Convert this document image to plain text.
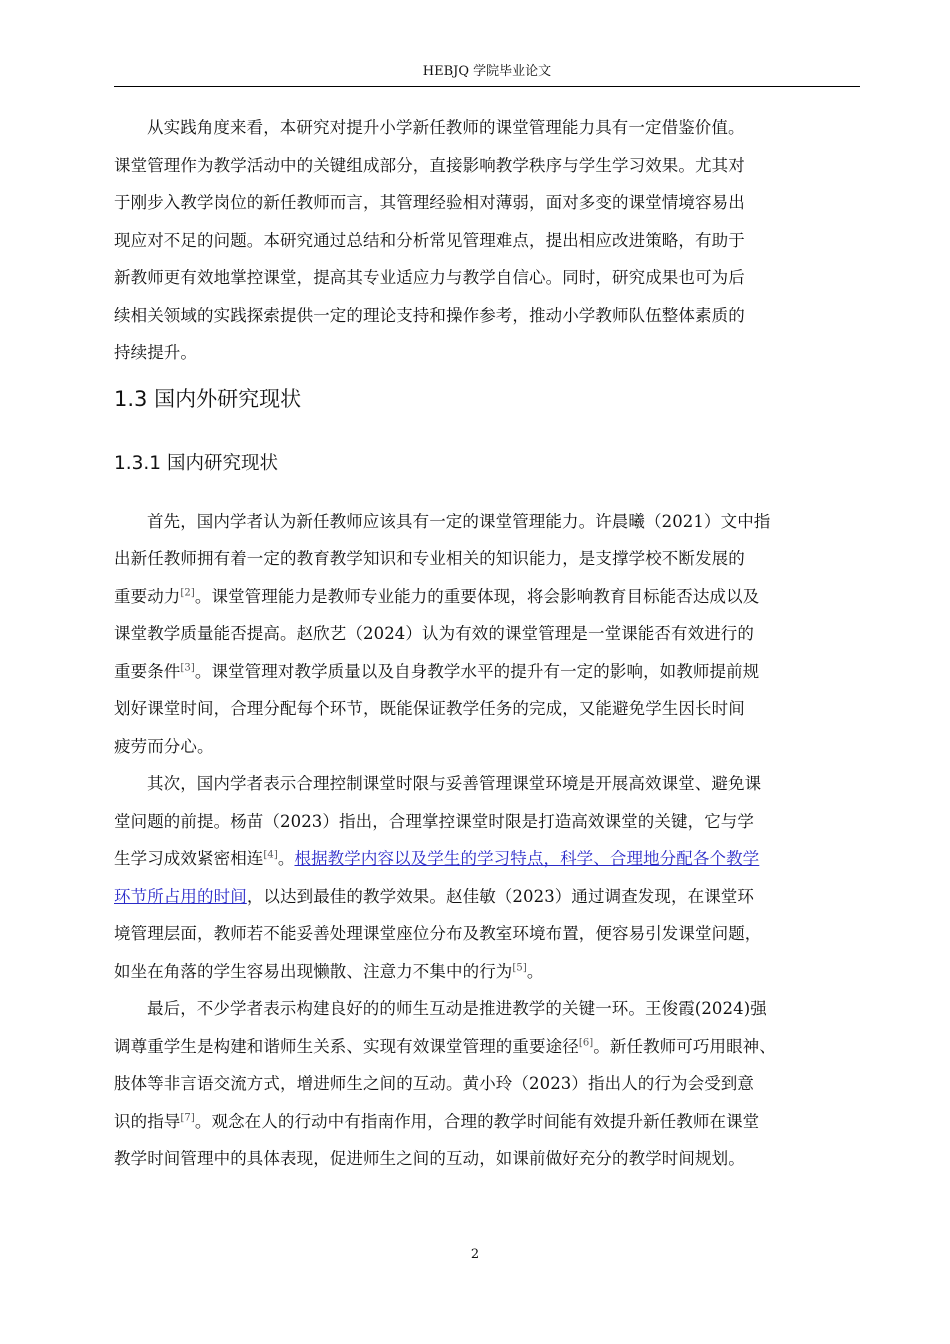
HEBJQ 学院毕业论文

从实践角度来看，本研究对提升小学新任教师的课堂管理能力具有一定借鉴价值。
课堂管理作为教学活动中的关键组成部分，直接影响教学秩序与学生学习效果。尤其对
于刚步入教学岗位的新任教师而言，其管理经验相对薄弱，面对多变的课堂情境容易出
现应对不足的问题。本研究通过总结和分析常见管理难点，提出相应改进策略，有助于
新教师更有效地掌控课堂，提高其专业适应力与教学自信心。同时，研究成果也可为后
续相关领域的实践探索提供一定的理论支持和操作参考，推动小学教师队伍整体素质的
持续提升。

1.3 国内外研究现状
1.3.1 国内研究现状

首先，国内学者认为新任教师应该具有一定的课堂管理能力。许晨曦（2021）文中指
出新任教师拥有着一定的教育教学知识和专业相关的知识能力，是支撑学校不断发展的
重要动力[2]。课堂管理能力是教师专业能力的重要体现，将会影响教育目标能否达成以及
课堂教学质量能否提高。赵欣艺（2024）认为有效的课堂管理是一堂课能否有效进行的
重要条件[3]。课堂管理对教学质量以及自身教学水平的提升有一定的影响，如教师提前规
划好课堂时间，合理分配每个环节，既能保证教学任务的完成，又能避免学生因长时间
疲劳而分心。

其次，国内学者表示合理控制课堂时限与妥善管理课堂环境是开展高效课堂、避免课
堂问题的前提。杨苗（2023）指出，合理掌控课堂时限是打造高效课堂的关键，它与学
生学习成效紧密相连[4]。根据教学内容以及学生的学习特点，科学、合理地分配各个教学
环节所占用的时间，以达到最佳的教学效果。赵佳敏（2023）通过调查发现，在课堂环
境管理层面，教师若不能妥善处理课堂座位分布及教室环境布置，便容易引发课堂问题，
如坐在角落的学生容易出现懒散、注意力不集中的行为[5]。

最后，不少学者表示构建良好的的师生互动是推进教学的关键一环。王俊霞(2024)强
调尊重学生是构建和谐师生关系、实现有效课堂管理的重要途径[6]。新任教师可巧用眼神、
肢体等非言语交流方式，增进师生之间的互动。黄小玲（2023）指出人的行为会受到意
识的指导[7]。观念在人的行动中有指南作用，合理的教学时间能有效提升新任教师在课堂
教学时间管理中的具体表现，促进师生之间的互动，如课前做好充分的教学时间规划。

2
